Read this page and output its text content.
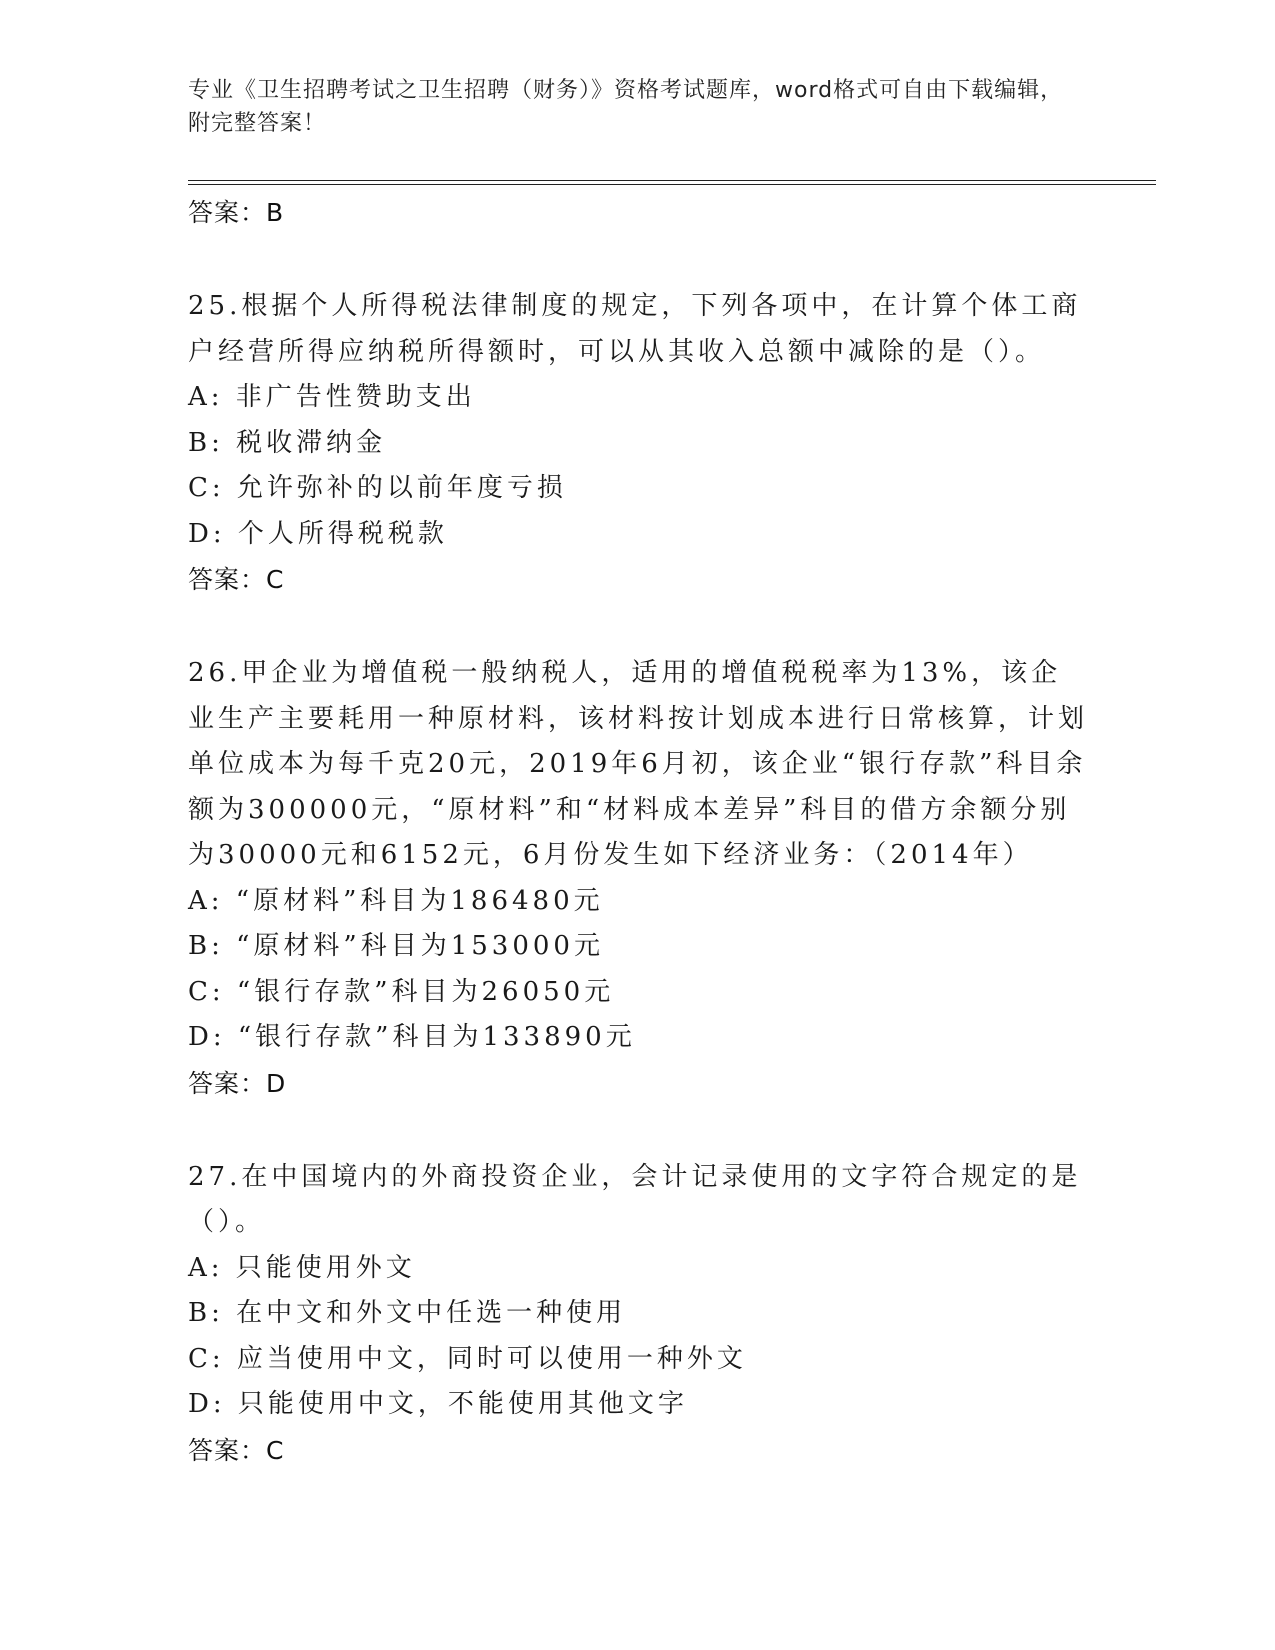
专业《卫生招聘考试之卫生招聘（财务）》资格考试题库，word格式可自由下载编辑，附完整答案！
答案：B
25.根据个人所得税法律制度的规定，下列各项中，在计算个体工商户经营所得应纳税所得额时，可以从其收入总额中减除的是（）。
A: 非广告性赞助支出
B: 税收滞纳金
C: 允许弥补的以前年度亏损
D: 个人所得税税款
答案：C
26.甲企业为增值税一般纳税人，适用的增值税税率为13%，该企业生产主要耗用一种原材料，该材料按计划成本进行日常核算，计划单位成本为每千克20元，2019年6月初，该企业“银行存款”科目余额为300000元，“原材料”和“材料成本差异”科目的借方余额分别为30000元和6152元，6月份发生如下经济业务：（2014年）
A: “原材料”科目为186480元
B: “原材料”科目为153000元
C: “银行存款”科目为26050元
D: “银行存款”科目为133890元
答案：D
27.在中国境内的外商投资企业，会计记录使用的文字符合规定的是（）。
A: 只能使用外文
B: 在中文和外文中任选一种使用
C: 应当使用中文，同时可以使用一种外文
D: 只能使用中文，不能使用其他文字
答案：C
